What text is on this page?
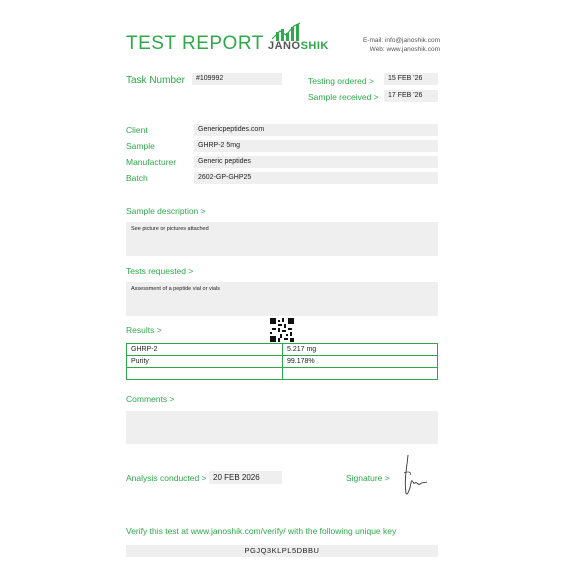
TEST REPORT JANOSHIK	E-mail: info@janoshik.com
Web: www.janoshik.com
Task Number	#109992	Testing ordered >	15 FEB '26
Sample received >	17 FEB '26
Client	Genericpeptides.com
Sample	GHRP-2 5mg
Manufacturer	Generic peptides
Batch	2602-GP-GHP25
Sample description >
See picture or pictures attached
Tests requested >
Assessment of a peptide vial or vials
Results >
GHRP-2	5.217 mg
Purity	99.178%

Comments >
Analysis conducted > 20 FEB 2026	Signature >
Verify this test at www.janoshik.com/verify/ with the following unique key
PGJQ3KLPL5DBBU
